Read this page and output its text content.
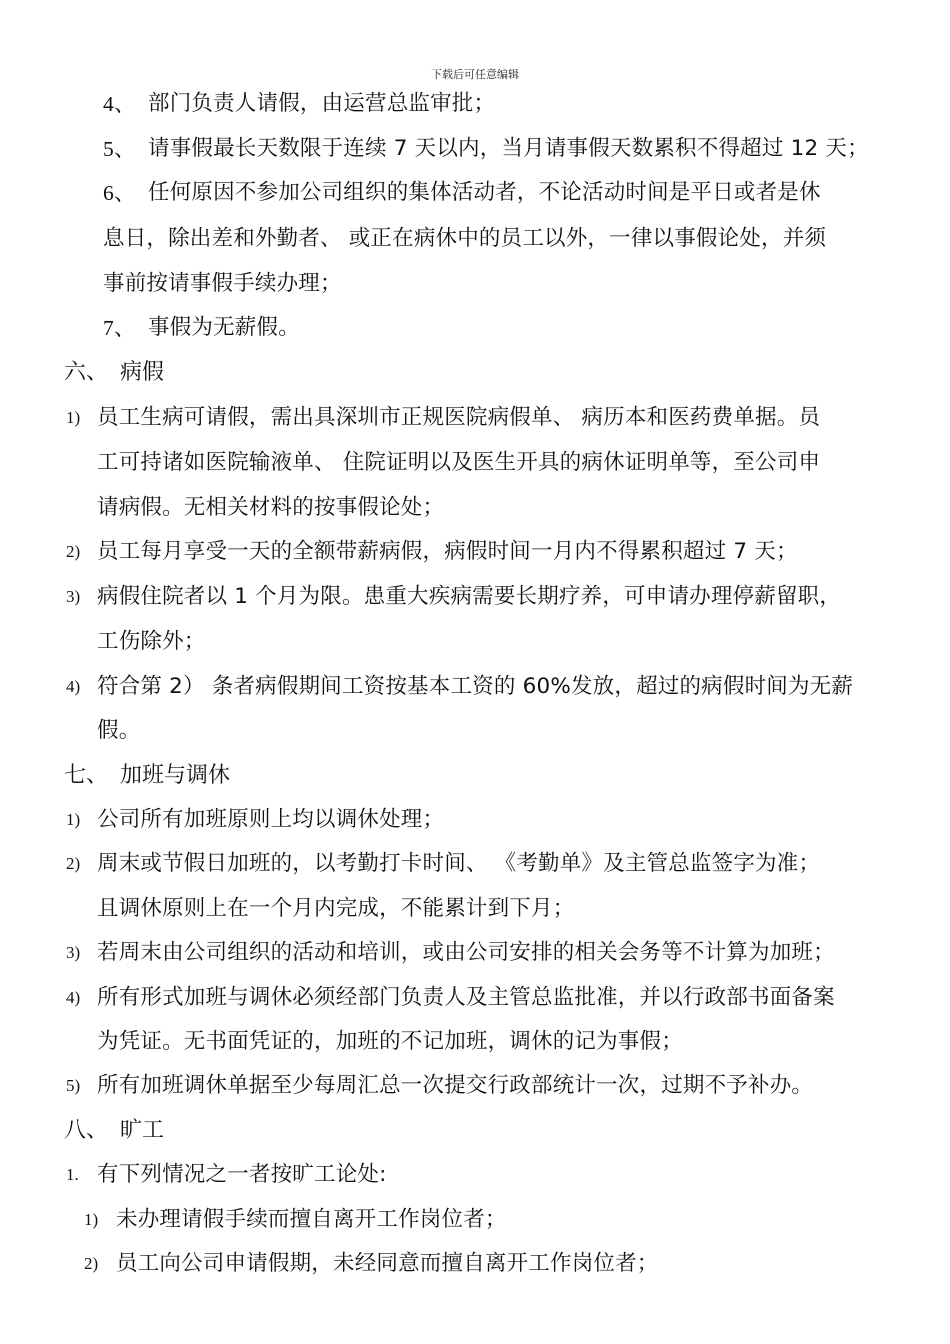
下载后可任意编辑
4、 部门负责人请假，由运营总监审批；
5、 请事假最长天数限于连续 7 天以内，当月请事假天数累积不得超过 12 天；
6、 任何原因不参加公司组织的集体活动者，不论活动时间是平日或者是休
息日，除出差和外勤者、 或正在病休中的员工以外，一律以事假论处，并须
事前按请事假手续办理；
7、 事假为无薪假。
六、 病假
1) 员工生病可请假，需出具深圳市正规医院病假单、 病历本和医药费单据。员
工可持诸如医院输液单、 住院证明以及医生开具的病休证明单等，至公司申
请病假。无相关材料的按事假论处；
2) 员工每月享受一天的全额带薪病假，病假时间一月内不得累积超过 7 天；
3) 病假住院者以 1 个月为限。患重大疾病需要长期疗养，可申请办理停薪留职，
工伤除外；
4) 符合第 2） 条者病假期间工资按基本工资的 60%发放，超过的病假时间为无薪
假。
七、 加班与调休
1) 公司所有加班原则上均以调休处理；
2) 周末或节假日加班的，以考勤打卡时间、 《考勤单》及主管总监签字为准；
且调休原则上在一个月内完成，不能累计到下月；
3) 若周末由公司组织的活动和培训，或由公司安排的相关会务等不计算为加班；
4) 所有形式加班与调休必须经部门负责人及主管总监批准，并以行政部书面备案
为凭证。无书面凭证的，加班的不记加班，调休的记为事假；
5) 所有加班调休单据至少每周汇总一次提交行政部统计一次，过期不予补办。
八、 旷工
1. 有下列情况之一者按旷工论处:
1) 未办理请假手续而擅自离开工作岗位者；
2) 员工向公司申请假期，未经同意而擅自离开工作岗位者；
